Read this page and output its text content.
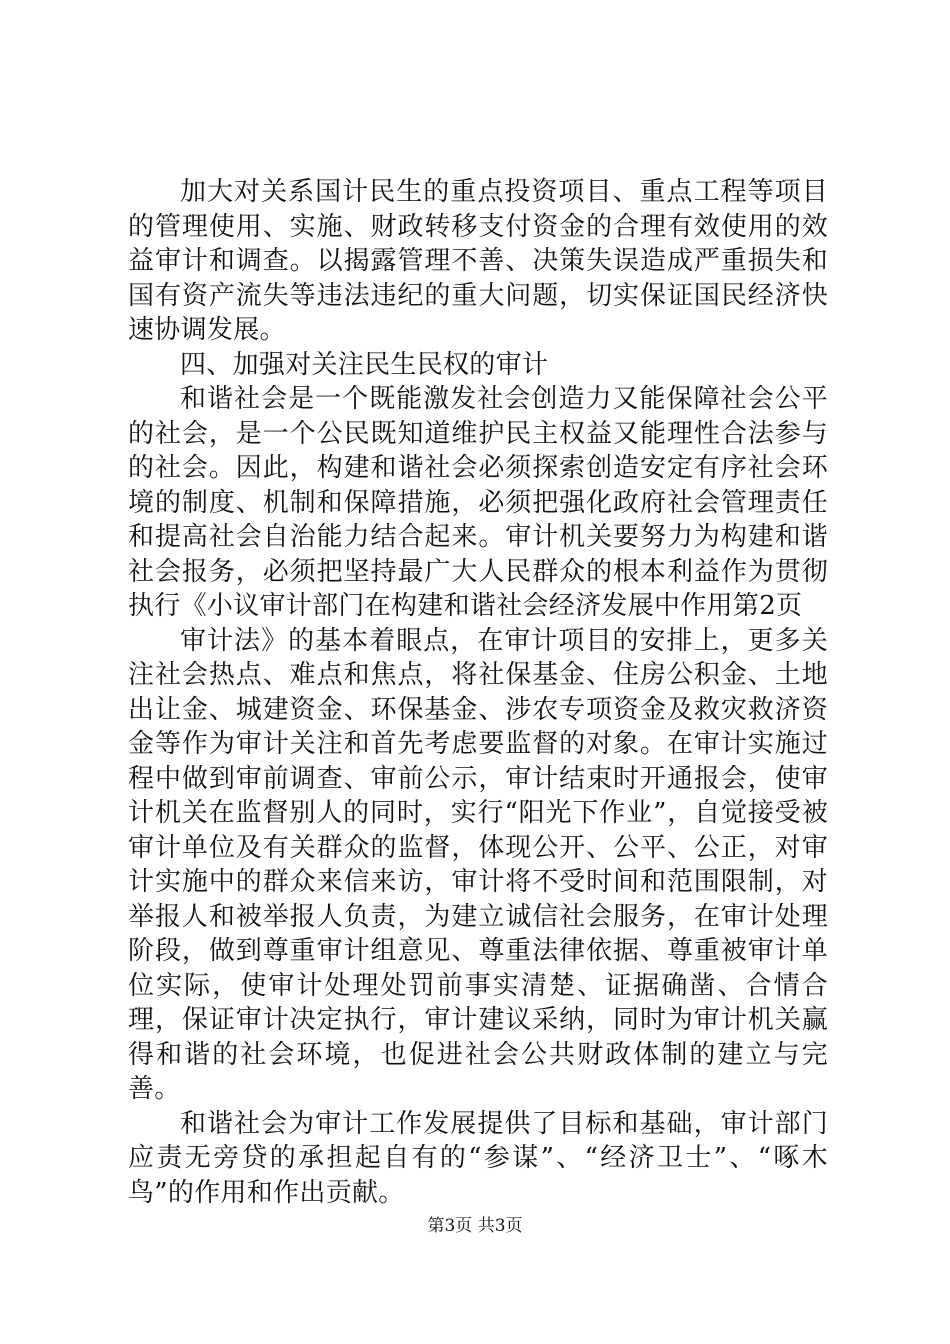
加大对关系国计民生的重点投资项目、重点工程等项目的管理使用、实施、财政转移支付资金的合理有效使用的效益审计和调查。以揭露管理不善、决策失误造成严重损失和国有资产流失等违法违纪的重大问题，切实保证国民经济快速协调发展。

四、加强对关注民生民权的审计

和谐社会是一个既能激发社会创造力又能保障社会公平的社会，是一个公民既知道维护民主权益又能理性合法参与的社会。因此，构建和谐社会必须探索创造安定有序社会环境的制度、机制和保障措施，必须把强化政府社会管理责任和提高社会自治能力结合起来。审计机关要努力为构建和谐社会报务，必须把坚持最广大人民群众的根本利益作为贯彻执行《小议审计部门在构建和谐社会经济发展中作用第2页

审计法》的基本着眼点，在审计项目的安排上，更多关注社会热点、难点和焦点，将社保基金、住房公积金、土地出让金、城建资金、环保基金、涉农专项资金及救灾救济资金等作为审计关注和首先考虑要监督的对象。在审计实施过程中做到审前调查、审前公示，审计结束时开通报会，使审计机关在监督别人的同时，实行“阳光下作业”，自觉接受被审计单位及有关群众的监督，体现公开、公平、公正，对审计实施中的群众来信来访，审计将不受时间和范围限制，对举报人和被举报人负责，为建立诚信社会服务，在审计处理阶段，做到尊重审计组意见、尊重法律依据、尊重被审计单位实际，使审计处理处罚前事实清楚、证据确凿、合情合理，保证审计决定执行，审计建议采纳，同时为审计机关赢得和谐的社会环境，也促进社会公共财政体制的建立与完善。

和谐社会为审计工作发展提供了目标和基础，审计部门应责无旁贷的承担起自有的“参谋”、“经济卫士”、“啄木鸟”的作用和作出贡献。

第3页 共3页
